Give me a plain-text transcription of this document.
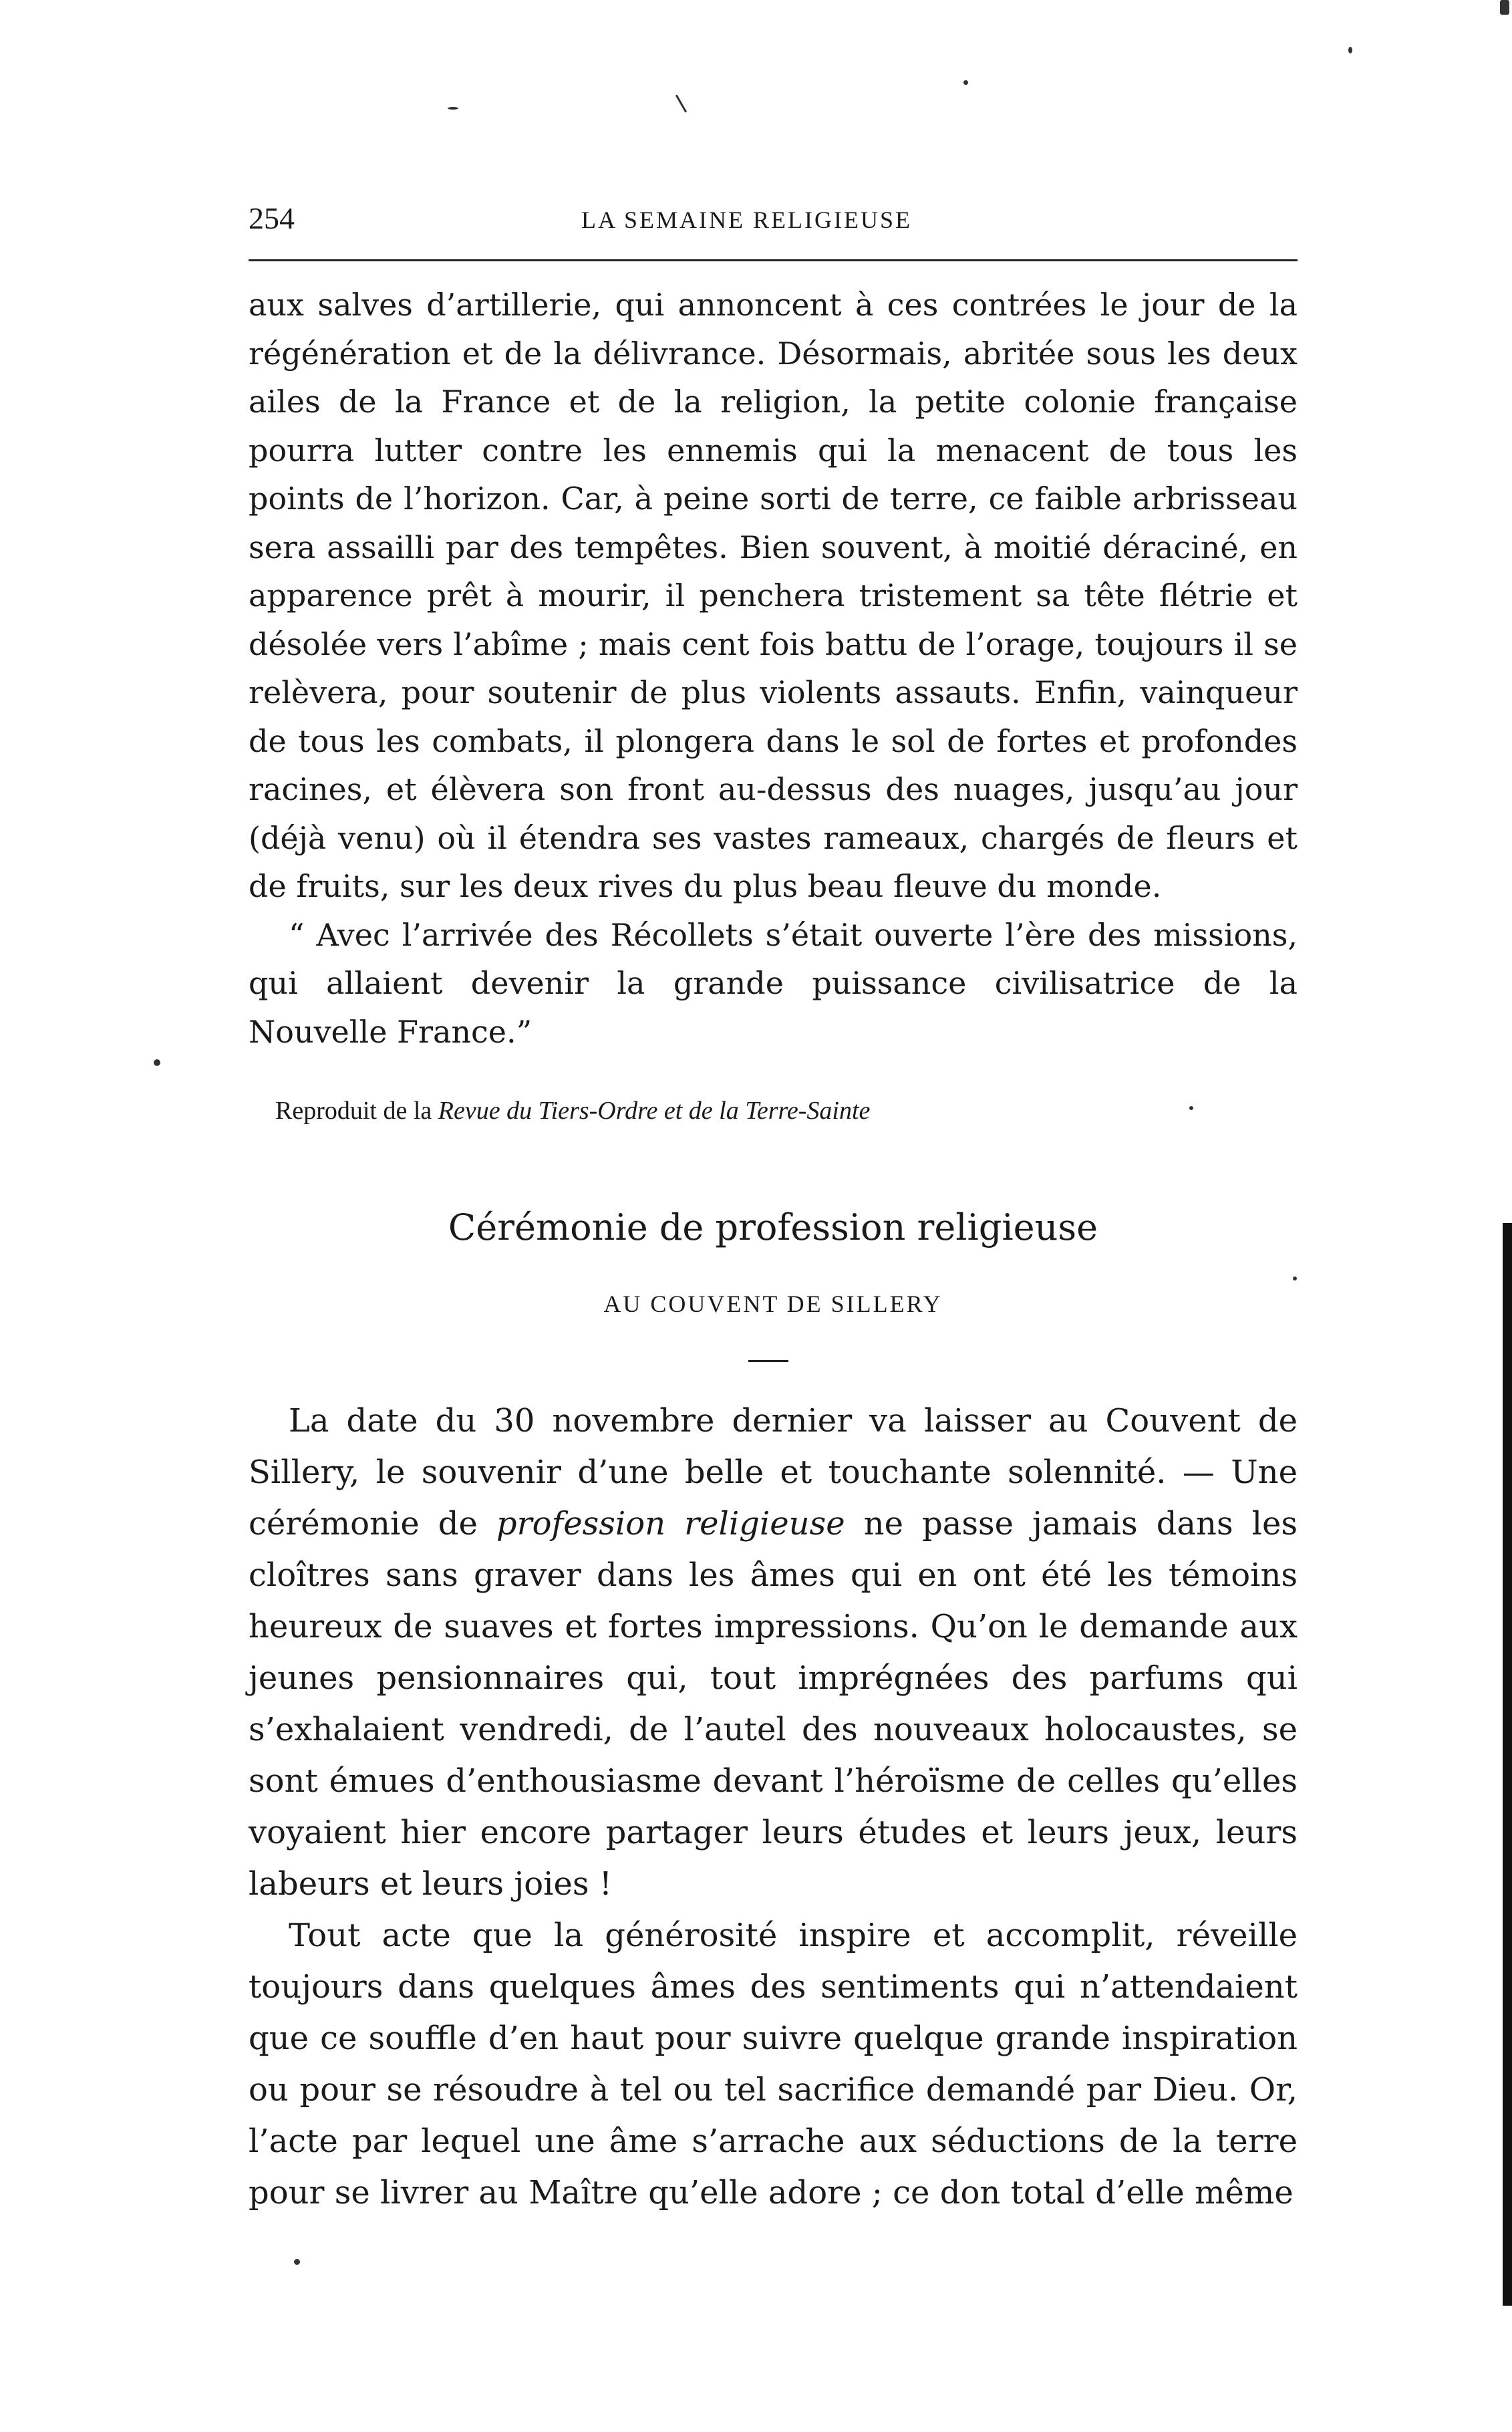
254	LA SEMAINE RELIGIEUSE

aux salves d’artillerie, qui annoncent à ces contrées le jour de la régénération et de la délivrance. Désormais, abritée sous les deux ailes de la France et de la religion, la petite colonie française pourra lutter contre les ennemis qui la menacent de tous les points de l’horizon. Car, à peine sorti de terre, ce faible arbrisseau sera assailli par des tempêtes. Bien souvent, à moitié déraciné, en apparence prêt à mourir, il penchera tristement sa tête flétrie et désolée vers l’abîme ; mais cent fois battu de l’orage, toujours il se relèvera, pour soutenir de plus violents assauts. Enfin, vainqueur de tous les combats, il plongera dans le sol de fortes et profondes racines, et élèvera son front au-dessus des nuages, jusqu’au jour (déjà venu) où il étendra ses vastes rameaux, chargés de fleurs et de fruits, sur les deux rives du plus beau fleuve du monde.

“ Avec l’arrivée des Récollets s’était ouverte l’ère des missions, qui allaient devenir la grande puissance civilisatrice de la Nouvelle France.”

Reproduit de la Revue du Tiers-Ordre et de la Terre-Sainte
Cérémonie de profession religieuse
AU COUVENT DE SILLERY

La date du 30 novembre dernier va laisser au Couvent de Sillery, le souvenir d’une belle et touchante solennité. — Une cérémonie de profession religieuse ne passe jamais dans les cloîtres sans graver dans les âmes qui en ont été les témoins heureux de suaves et fortes impressions. Qu’on le demande aux jeunes pensionnaires qui, tout imprégnées des parfums qui s’exhalaient vendredi, de l’autel des nouveaux holocaustes, se sont émues d’enthousiasme devant l’héroïsme de celles qu’elles voyaient hier encore partager leurs études et leurs jeux, leurs labeurs et leurs joies !

Tout acte que la générosité inspire et accomplit, réveille toujours dans quelques âmes des sentiments qui n’attendaient que ce souffle d’en haut pour suivre quelque grande inspiration ou pour se résoudre à tel ou tel sacrifice demandé par Dieu. Or, l’acte par lequel une âme s’arrache aux séductions de la terre pour se livrer au Maître qu’elle adore ; ce don total d’elle même
